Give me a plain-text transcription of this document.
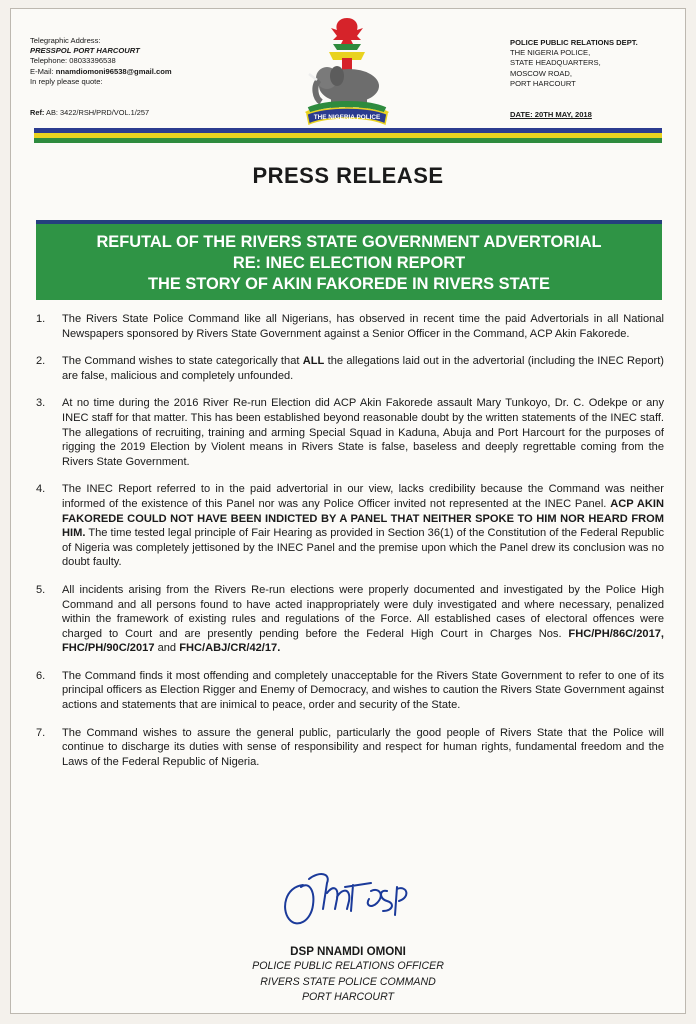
Telegraphic Address:
PRESSPOL PORT HARCOURT
Telephone: 08033396538
E-Mail: nnamdiomoni96538@gmail.com
In reply please quote:
Ref: AB: 3422/RSH/PRD/VOL.1/257
THE NIGERIA POLICE
POLICE PUBLIC RELATIONS DEPT.
THE NIGERIA POLICE,
STATE HEADQUARTERS,
MOSCOW ROAD,
PORT HARCOURT
DATE: 20TH MAY, 2018
PRESS RELEASE
REFUTAL OF THE RIVERS STATE GOVERNMENT ADVERTORIAL
RE: INEC ELECTION REPORT
THE STORY OF AKIN FAKOREDE IN RIVERS STATE
1. The Rivers State Police Command like all Nigerians, has observed in recent time the paid Advertorials in all National Newspapers sponsored by Rivers State Government against a Senior Officer in the Command, ACP Akin Fakorede.
2. The Command wishes to state categorically that ALL the allegations laid out in the advertorial (including the INEC Report) are false, malicious and completely unfounded.
3. At no time during the 2016 River Re-run Election did ACP Akin Fakorede assault Mary Tunkoyo, Dr. C. Odekpe or any INEC staff for that matter. This has been established beyond reasonable doubt by the written statements of the INEC staff. The allegations of recruiting, training and arming Special Squad in Kaduna, Abuja and Port Harcourt for the purposes of rigging the 2019 Election by Violent means in Rivers State is false, baseless and deeply regrettable coming from the Rivers State Government.
4. The INEC Report referred to in the paid advertorial in our view, lacks credibility because the Command was neither informed of the existence of this Panel nor was any Police Officer invited not represented at the INEC Panel. ACP AKIN FAKOREDE COULD NOT HAVE BEEN INDICTED BY A PANEL THAT NEITHER SPOKE TO HIM NOR HEARD FROM HIM. The time tested legal principle of Fair Hearing as provided in Section 36(1) of the Constitution of the Federal Republic of Nigeria was completely jettisoned by the INEC Panel and the premise upon which the Panel drew its conclusion was no doubt faulty.
5. All incidents arising from the Rivers Re-run elections were properly documented and investigated by the Police High Command and all persons found to have acted inappropriately were duly investigated and where necessary, penalized within the framework of existing rules and regulations of the Force. All established cases of electoral offences were charged to Court and are presently pending before the Federal High Court in Charges Nos. FHC/PH/86C/2017, FHC/PH/90C/2017 and FHC/ABJ/CR/42/17.
6. The Command finds it most offending and completely unacceptable for the Rivers State Government to refer to one of its principal officers as Election Rigger and Enemy of Democracy, and wishes to caution the Rivers State Government against actions and statements that are inimical to peace, order and security of the State.
7. The Command wishes to assure the general public, particularly the good people of Rivers State that the Police will continue to discharge its duties with sense of responsibility and respect for human rights, fundamental freedom and the Laws of the Federal Republic of Nigeria.
DSP NNAMDI OMONI
POLICE PUBLIC RELATIONS OFFICER
RIVERS STATE POLICE COMMAND
PORT HARCOURT
